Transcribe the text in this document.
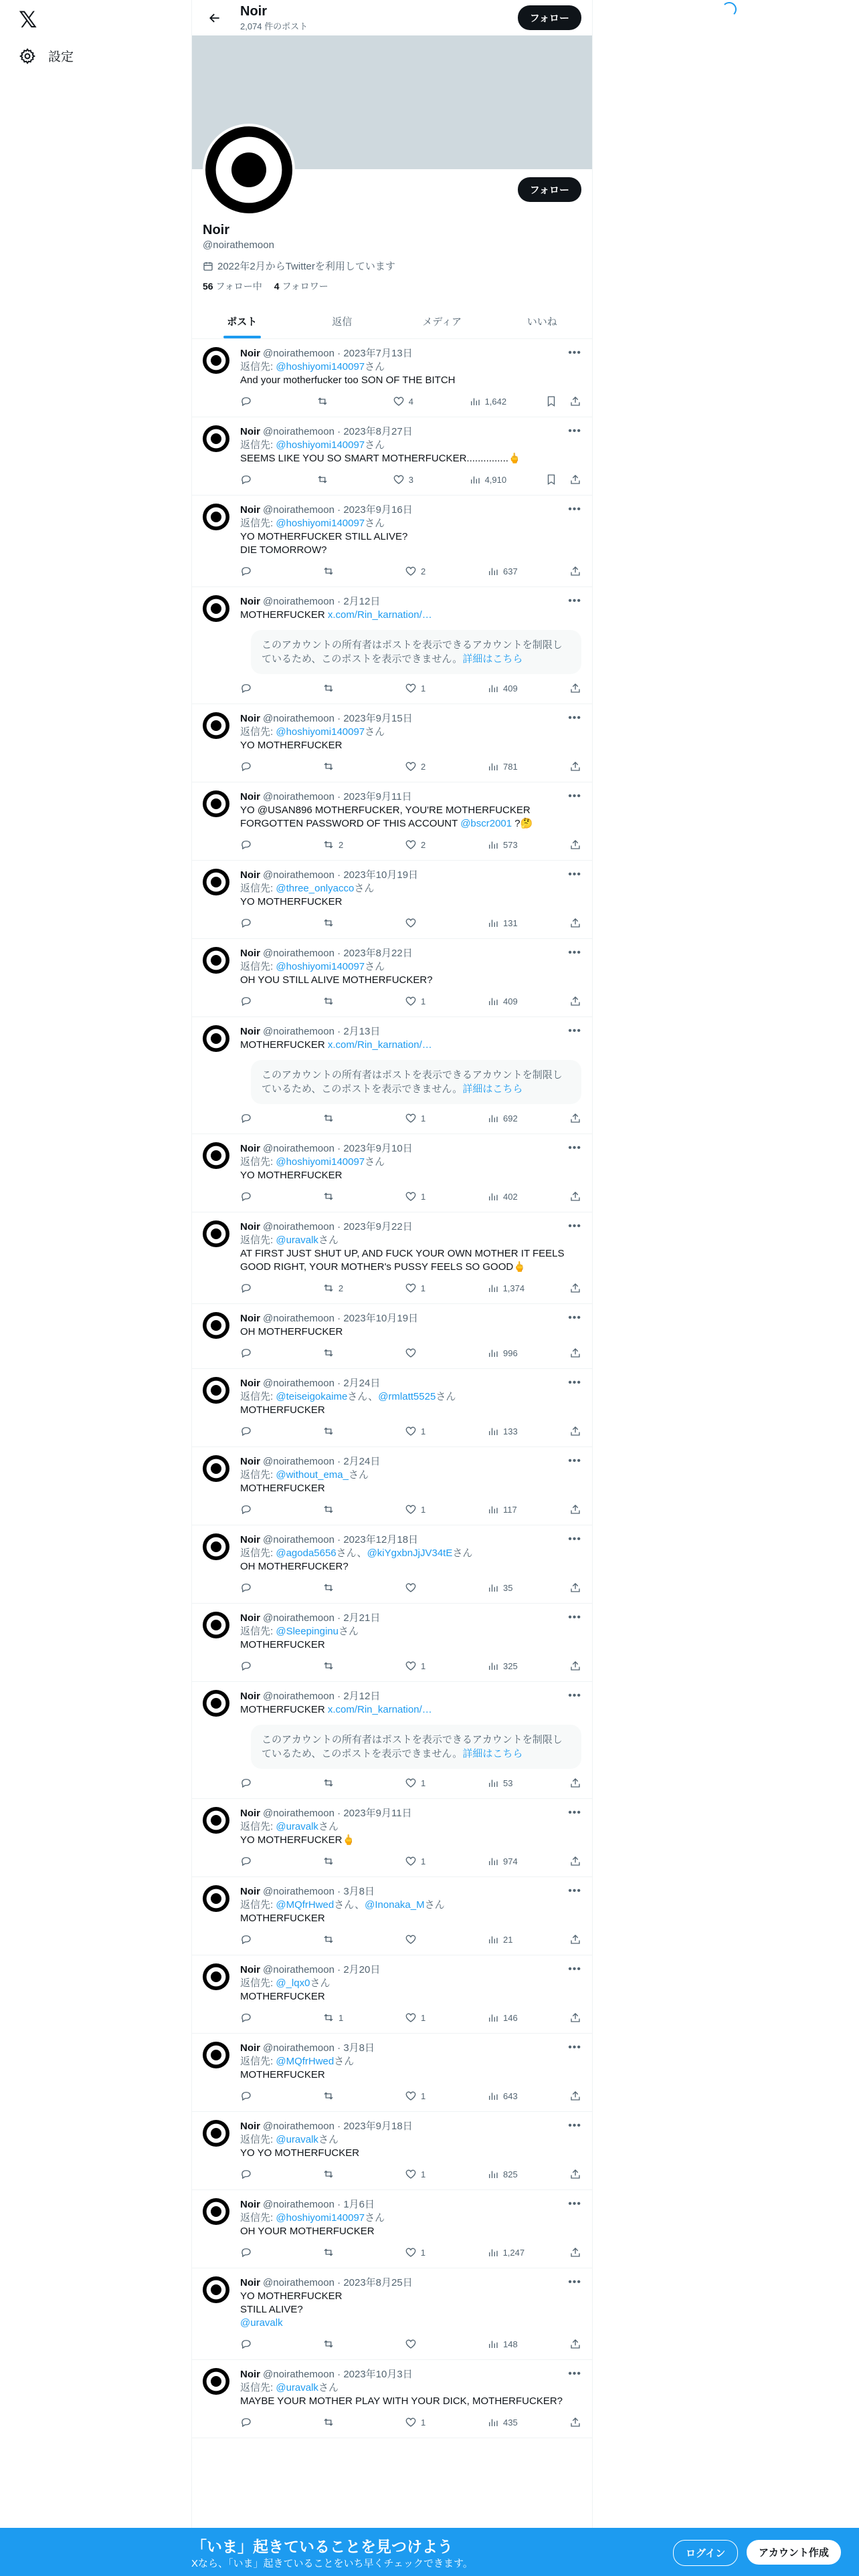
𝕏
設定
Noir
2,074 件のポスト
フォロー
フォロー
Noir
@noirathemoon
2022年2月からTwitterを利用しています
56 フォロー中 4 フォロワー
ポスト	返信	メディア	いいね
•••
Noir @noirathemoon · 2023年7月13日
返信先: @hoshiyomi140097さん
And your motherfucker too SON OF THE BITCH
4	1,642
•••
Noir @noirathemoon · 2023年8月27日
返信先: @hoshiyomi140097さん
SEEMS LIKE YOU SO SMART MOTHERFUCKER...............🖕
3	4,910
•••
Noir @noirathemoon · 2023年9月16日
返信先: @hoshiyomi140097さん
YO MOTHERFUCKER STILL ALIVE?
DIE TOMORROW?
2	637
•••
Noir @noirathemoon · 2月12日
MOTHERFUCKER x.com/Rin_karnation/…
このアカウントの所有者はポストを表示できるアカウントを制限しているため、このポストを表示できません。詳細はこちら
1	409
•••
Noir @noirathemoon · 2023年9月15日
返信先: @hoshiyomi140097さん
YO MOTHERFUCKER
2	781
•••
Noir @noirathemoon · 2023年9月11日
YO @USAN896 MOTHERFUCKER, YOU'RE MOTHERFUCKER FORGOTTEN PASSWORD OF THIS ACCOUNT @bscr2001 ?🤔
2	2	573
•••
Noir @noirathemoon · 2023年10月19日
返信先: @three_onlyaccoさん
YO MOTHERFUCKER
131
•••
Noir @noirathemoon · 2023年8月22日
返信先: @hoshiyomi140097さん
OH YOU STILL ALIVE MOTHERFUCKER?
1	409
•••
Noir @noirathemoon · 2月13日
MOTHERFUCKER x.com/Rin_karnation/…
このアカウントの所有者はポストを表示できるアカウントを制限しているため、このポストを表示できません。詳細はこちら
1	692
•••
Noir @noirathemoon · 2023年9月10日
返信先: @hoshiyomi140097さん
YO MOTHERFUCKER
1	402
•••
Noir @noirathemoon · 2023年9月22日
返信先: @uravalkさん
AT FIRST JUST SHUT UP, AND FUCK YOUR OWN MOTHER IT FEELS GOOD RIGHT, YOUR MOTHER's PUSSY FEELS SO GOOD🖕
2	1	1,374
•••
Noir @noirathemoon · 2023年10月19日
OH MOTHERFUCKER
996
•••
Noir @noirathemoon · 2月24日
返信先: @teiseigokaimeさん、@rmlatt5525さん
MOTHERFUCKER
1	133
•••
Noir @noirathemoon · 2月24日
返信先: @without_ema_さん
MOTHERFUCKER
1	117
•••
Noir @noirathemoon · 2023年12月18日
返信先: @agoda5656さん、@kiYgxbnJjJV34tEさん
OH MOTHERFUCKER?
35
•••
Noir @noirathemoon · 2月21日
返信先: @Sleepinginuさん
MOTHERFUCKER
1	325
•••
Noir @noirathemoon · 2月12日
MOTHERFUCKER x.com/Rin_karnation/…
このアカウントの所有者はポストを表示できるアカウントを制限しているため、このポストを表示できません。詳細はこちら
1	53
•••
Noir @noirathemoon · 2023年9月11日
返信先: @uravalkさん
YO MOTHERFUCKER🖕
1	974
•••
Noir @noirathemoon · 3月8日
返信先: @MQfrHwedさん、@Inonaka_Mさん
MOTHERFUCKER
21
•••
Noir @noirathemoon · 2月20日
返信先: @_lqx0さん
MOTHERFUCKER
1	1	146
•••
Noir @noirathemoon · 3月8日
返信先: @MQfrHwedさん
MOTHERFUCKER
1	643
•••
Noir @noirathemoon · 2023年9月18日
返信先: @uravalkさん
YO YO MOTHERFUCKER
1	825
•••
Noir @noirathemoon · 1月6日
返信先: @hoshiyomi140097さん
OH YOUR MOTHERFUCKER
1	1,247
•••
Noir @noirathemoon · 2023年8月25日
YO MOTHERFUCKER
STILL ALIVE?
@uravalk
148
•••
Noir @noirathemoon · 2023年10月3日
返信先: @uravalkさん
MAYBE YOUR MOTHER PLAY WITH YOUR DICK, MOTHERFUCKER?
1	435
「いま」起きていることを見つけよう
Xなら、「いま」起きていることをいち早くチェックできます。
ログイン	アカウント作成
